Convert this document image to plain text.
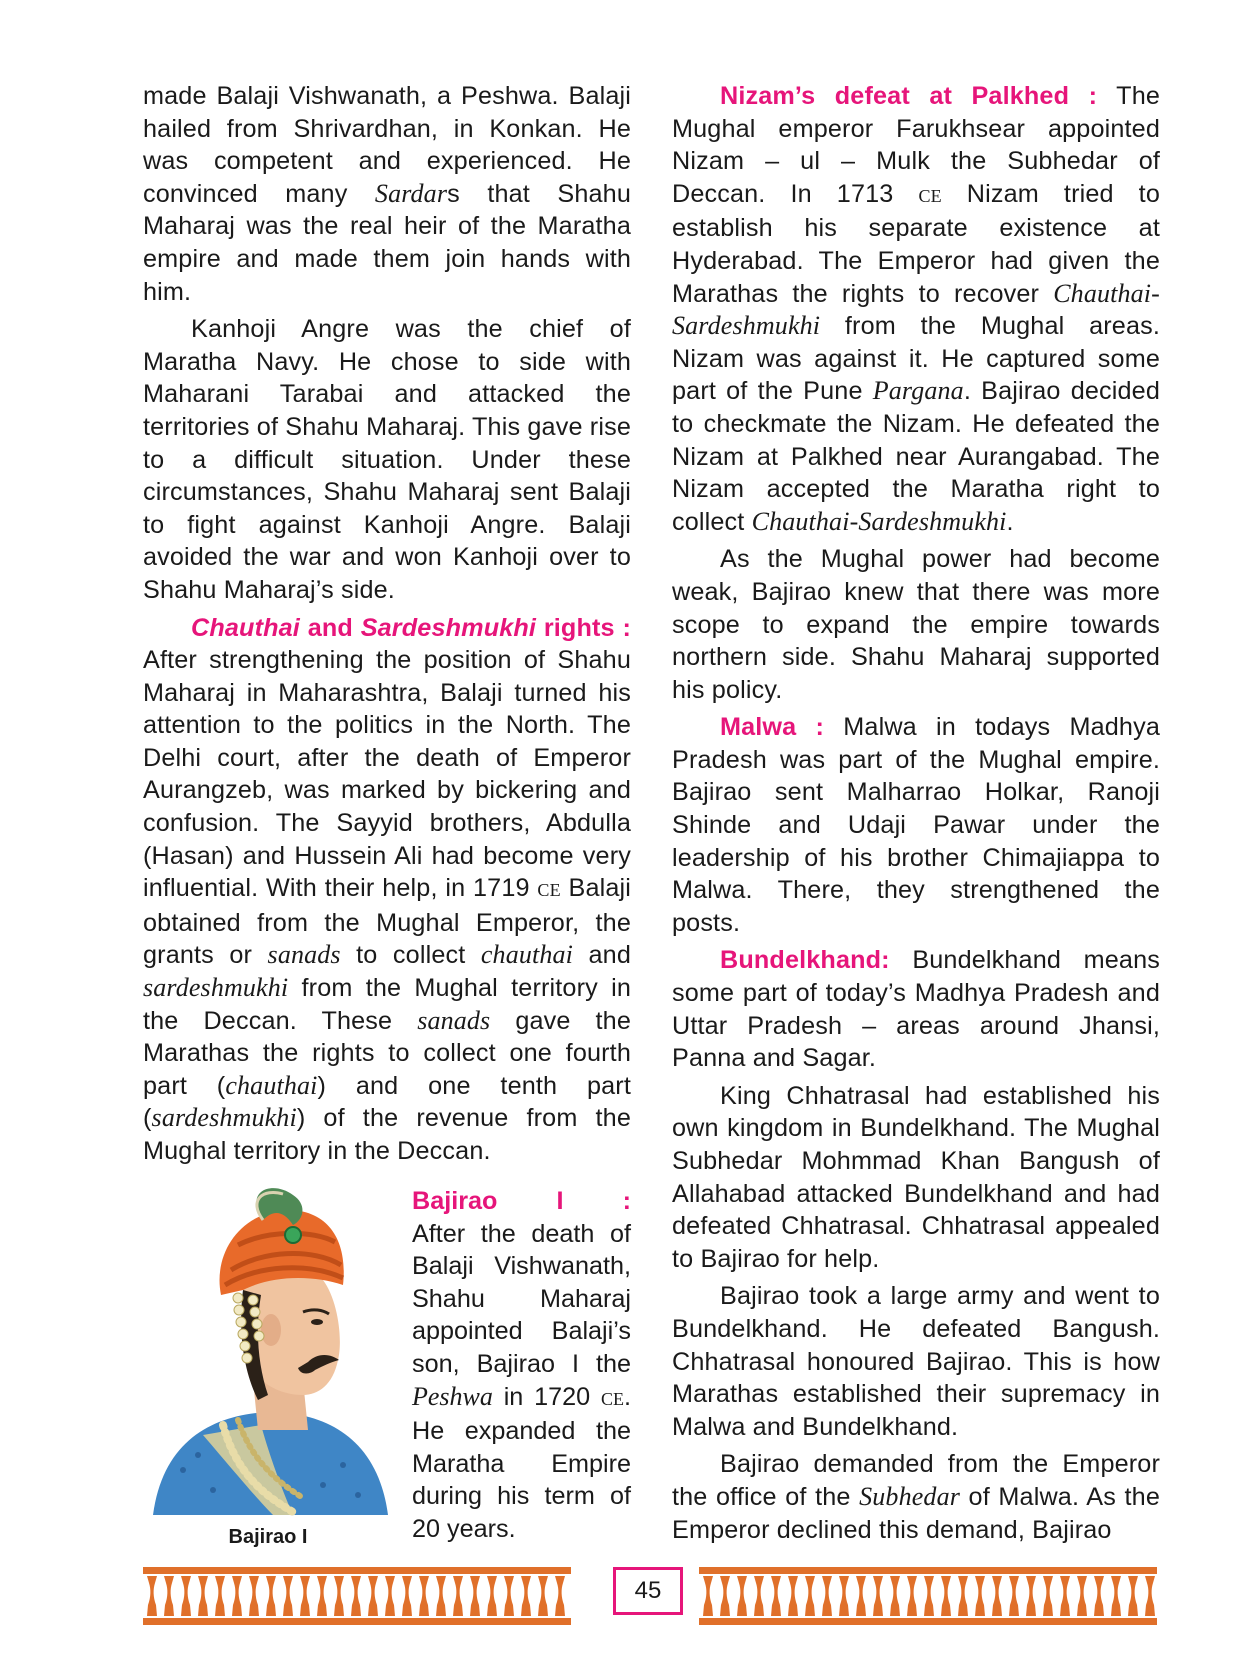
made Balaji Vishwanath, a Peshwa. Balaji hailed from Shrivardhan, in Konkan. He was competent and experienced. He convinced many Sardars that Shahu Maharaj was the real heir of the Maratha empire and made them join hands with him.

Kanhoji Angre was the chief of Maratha Navy. He chose to side with Maharani Tarabai and attacked the territories of Shahu Maharaj. This gave rise to a difficult situation. Under these circumstances, Shahu Maharaj sent Balaji to fight against Kanhoji Angre. Balaji avoided the war and won Kanhoji over to Shahu Maharaj’s side.

Chauthai and Sardeshmukhi rights : After strengthening the position of Shahu Maharaj in Maharashtra, Balaji turned his attention to the politics in the North. The Delhi court, after the death of Emperor Aurangzeb, was marked by bickering and confusion. The Sayyid brothers, Abdulla (Hasan) and Hussein Ali had become very influential. With their help, in 1719 CE Balaji obtained from the Mughal Emperor, the grants or sanads to collect chauthai and sardeshmukhi from the Mughal territory in the Deccan. These sanads gave the Marathas the rights to collect one fourth part (chauthai) and one tenth part (sardeshmukhi) of the revenue from the Mughal territory in the Deccan.

Bajirao I
Bajirao I :

After the death of Balaji Vishwanath, Shahu Maharaj appointed Balaji’s son, Bajirao I the Peshwa in 1720 CE. He expanded the Maratha Empire during his term of 20 years.

Nizam’s defeat at Palkhed : The Mughal emperor Farukhsear appointed Nizam – ul – Mulk the Subhedar of Deccan. In 1713 CE Nizam tried to establish his separate existence at Hyderabad. The Emperor had given the Marathas the rights to recover Chauthai-Sardeshmukhi from the Mughal areas. Nizam was against it. He captured some part of the Pune Pargana. Bajirao decided to checkmate the Nizam. He defeated the Nizam at Palkhed near Aurangabad. The Nizam accepted the Maratha right to collect Chauthai-Sardeshmukhi.

As the Mughal power had become weak, Bajirao knew that there was more scope to expand the empire towards northern side. Shahu Maharaj supported his policy.

Malwa : Malwa in todays Madhya Pradesh was part of the Mughal empire. Bajirao sent Malharrao Holkar, Ranoji Shinde and Udaji Pawar under the leadership of his brother Chimajiappa to Malwa. There, they strengthened the posts.

Bundelkhand: Bundelkhand means some part of today’s Madhya Pradesh and Uttar Pradesh – areas around Jhansi, Panna and Sagar.

King Chhatrasal had established his own kingdom in Bundelkhand. The Mughal Subhedar Mohmmad Khan Bangush of Allahabad attacked Bundelkhand and had defeated Chhatrasal. Chhatrasal appealed to Bajirao for help.

Bajirao took a large army and went to Bundelkhand. He defeated Bangush. Chhatrasal honoured Bajirao. This is how Marathas established their supremacy in Malwa and Bundelkhand.

Bajirao demanded from the Emperor the office of the Subhedar of Malwa. As the Emperor declined this demand, Bajirao

45
